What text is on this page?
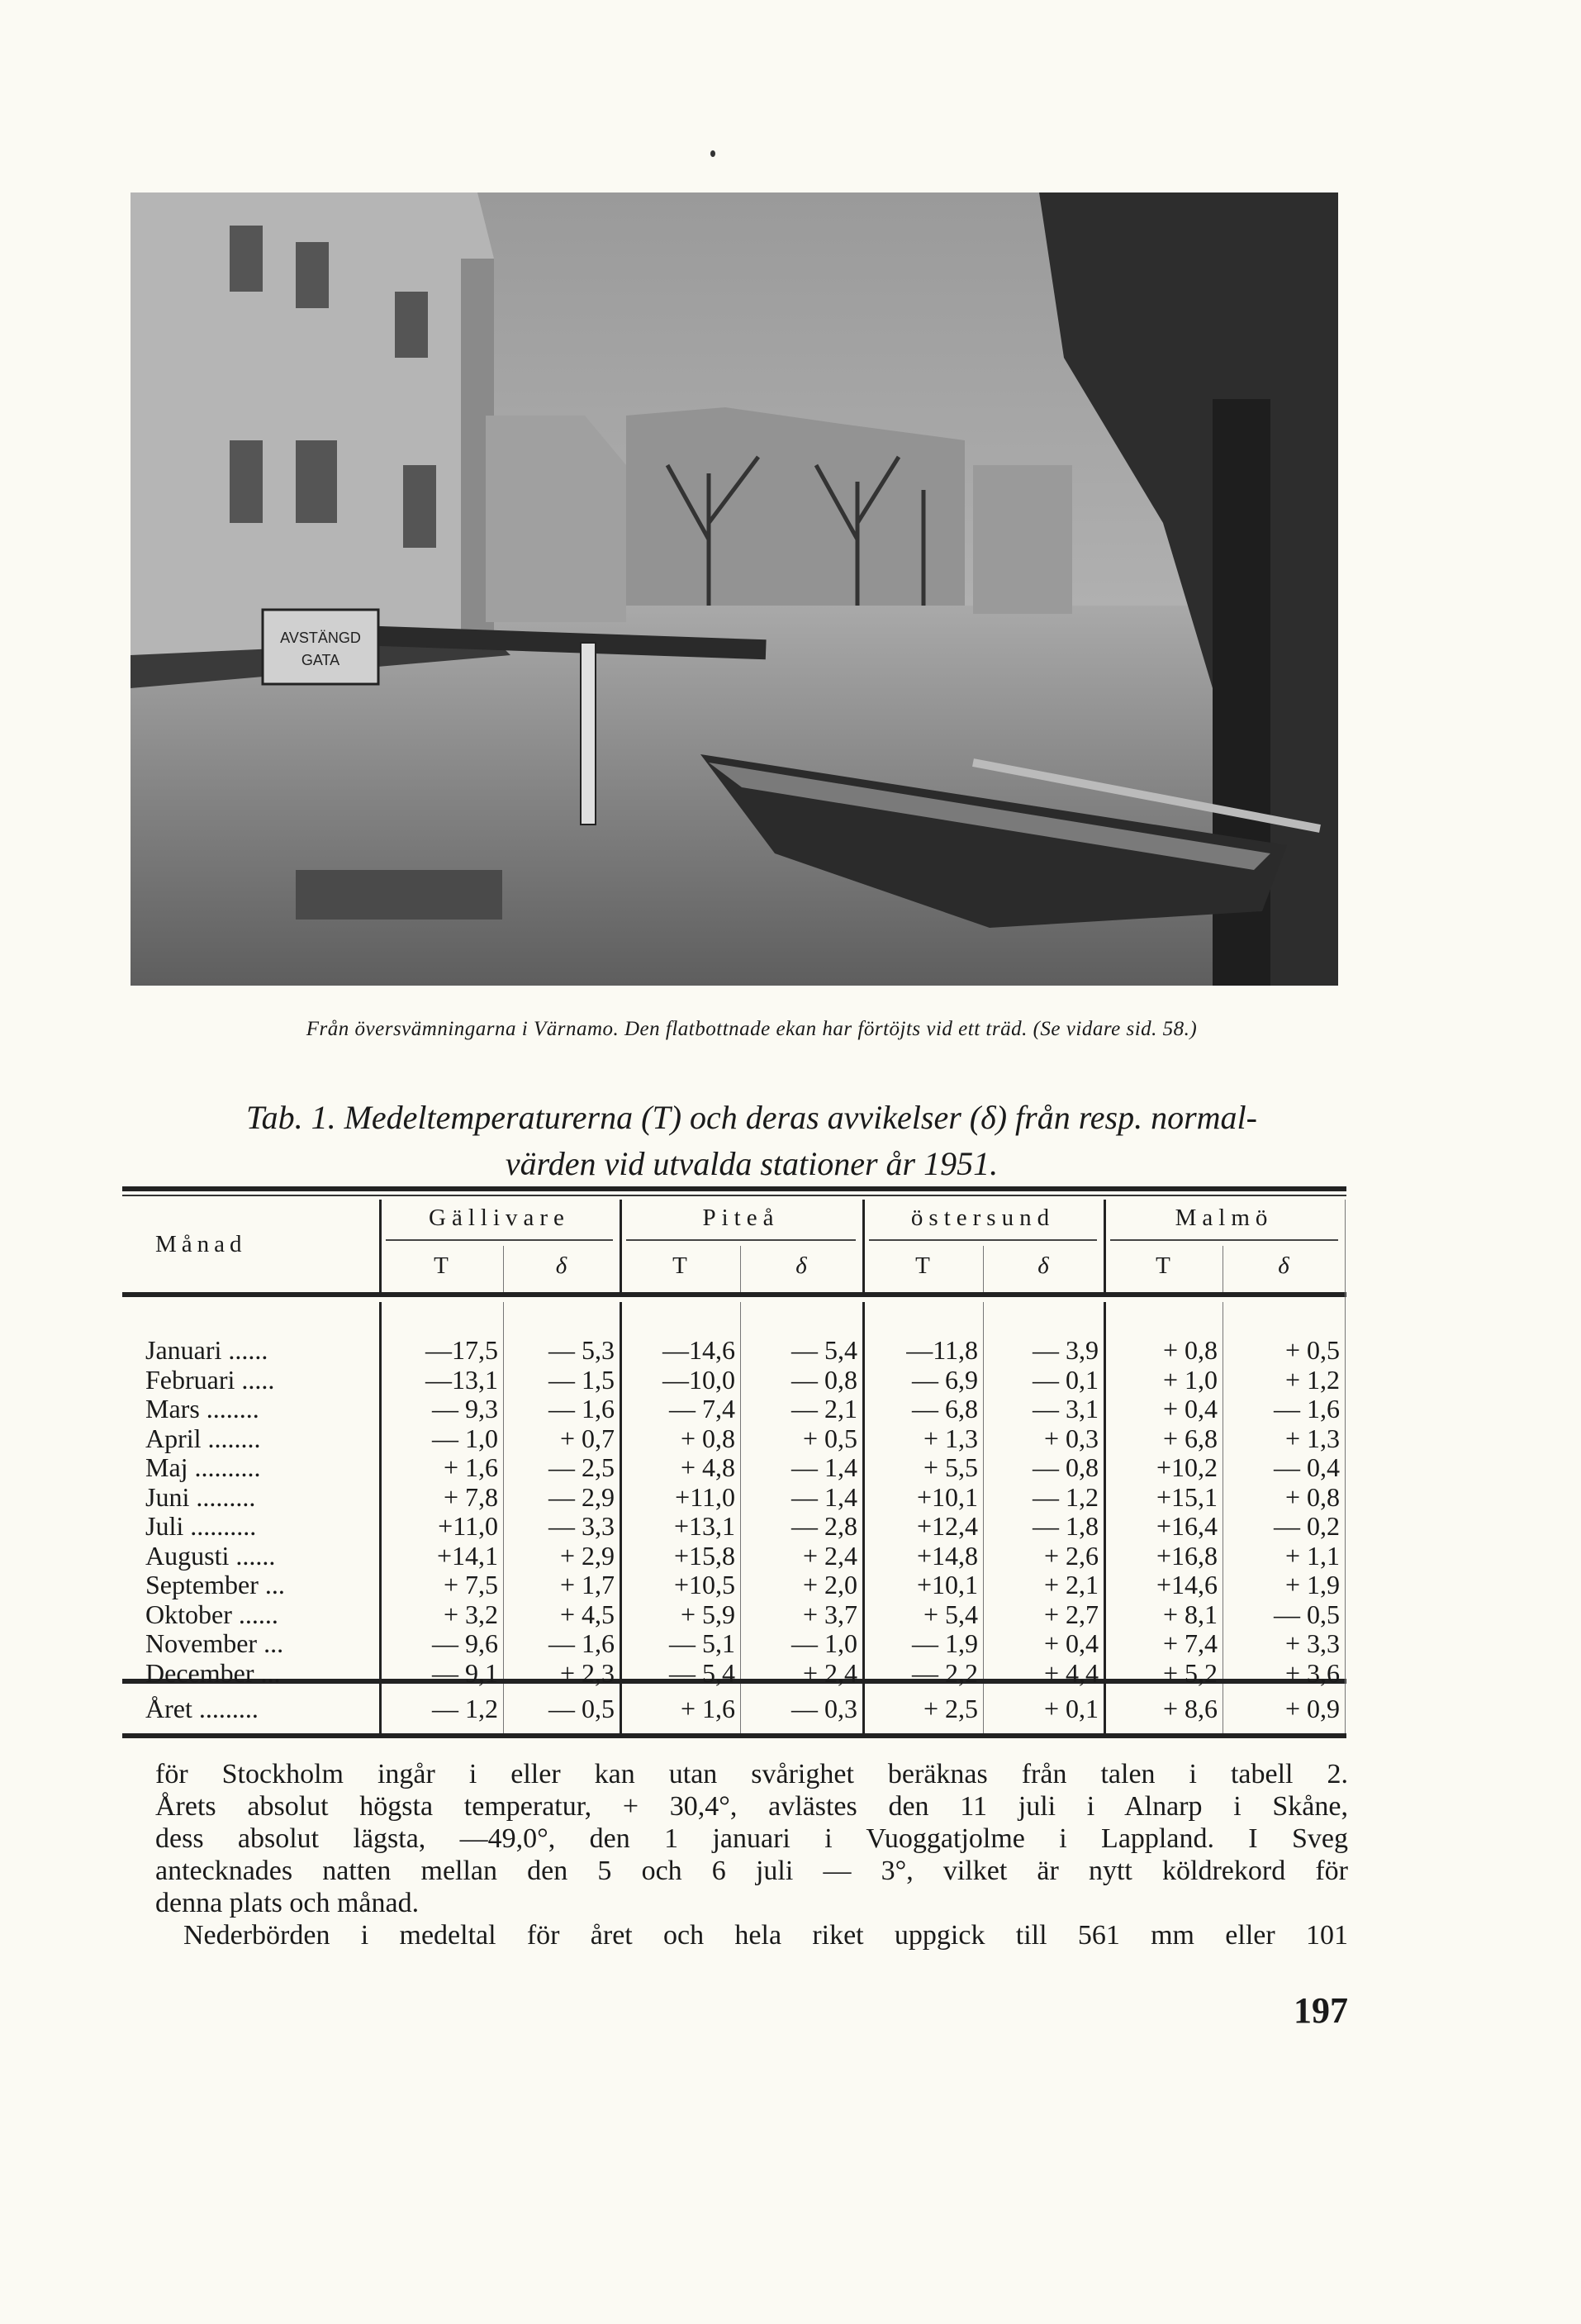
AVSTÄNGD
GATA
Från översvämningarna i Värnamo. Den flatbottnade ekan har förtöjts vid ett träd. (Se vidare sid. 58.)
Tab. 1. Medeltemperaturerna (T) och deras avvikelser (δ) från resp. normal-
värden vid utvalda stationer år 1951.
Månad
Gällivare
T	δ
Piteå
T	δ
östersund
T	δ
Malmö
T	δ
Januari ......	—17,5	— 5,3	—14,6	— 5,4	—11,8	— 3,9	+ 0,8	+ 0,5
Februari .....	—13,1	— 1,5	—10,0	— 0,8	— 6,9	— 0,1	+ 1,0	+ 1,2
Mars ........	— 9,3	— 1,6	— 7,4	— 2,1	— 6,8	— 3,1	+ 0,4	— 1,6
April ........	— 1,0	+ 0,7	+ 0,8	+ 0,5	+ 1,3	+ 0,3	+ 6,8	+ 1,3
Maj ..........	+ 1,6	— 2,5	+ 4,8	— 1,4	+ 5,5	— 0,8	+10,2	— 0,4
Juni .........	+ 7,8	— 2,9	+11,0	— 1,4	+10,1	— 1,2	+15,1	+ 0,8
Juli ..........	+11,0	— 3,3	+13,1	— 2,8	+12,4	— 1,8	+16,4	— 0,2
Augusti ......	+14,1	+ 2,9	+15,8	+ 2,4	+14,8	+ 2,6	+16,8	+ 1,1
September ...	+ 7,5	+ 1,7	+10,5	+ 2,0	+10,1	+ 2,1	+14,6	+ 1,9
Oktober ......	+ 3,2	+ 4,5	+ 5,9	+ 3,7	+ 5,4	+ 2,7	+ 8,1	— 0,5
November ...	— 9,6	— 1,6	— 5,1	— 1,0	— 1,9	+ 0,4	+ 7,4	+ 3,3
December ...	— 9,1	+ 2,3	— 5,4	+ 2,4	— 2,2	+ 4,4	+ 5,2	+ 3,6
Året .........	— 1,2	— 0,5	+ 1,6	— 0,3	+ 2,5	+ 0,1	+ 8,6	+ 0,9
för Stockholm ingår i eller kan utan svårighet beräknas från talen i tabell 2.
Årets absolut högsta temperatur, + 30,4°, avlästes den 11 juli i Alnarp i Skåne,
dess absolut lägsta, —49,0°, den 1 januari i Vuoggatjolme i Lappland. I Sveg
antecknades natten mellan den 5 och 6 juli — 3°, vilket är nytt köldrekord för
denna plats och månad.
Nederbörden i medeltal för året och hela riket uppgick till 561 mm eller 101
197
